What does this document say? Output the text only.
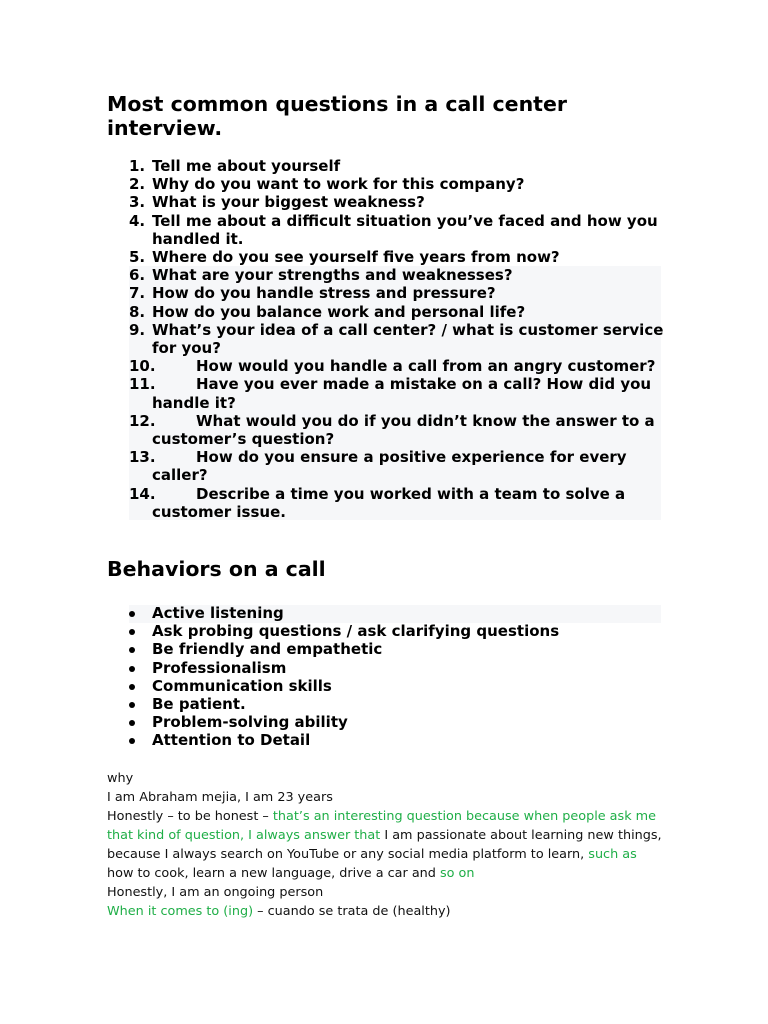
Most common questions in a call center interview.
1. Tell me about yourself
2. Why do you want to work for this company?
3. What is your biggest weakness?
4. Tell me about a difficult situation you’ve faced and how you handled it.
5. Where do you see yourself five years from now?
6. What are your strengths and weaknesses?
7. How do you handle stress and pressure?
8. How do you balance work and personal life?
9. What’s your idea of a call center? / what is customer service for you?
10.	How would you handle a call from an angry customer?
11.	Have you ever made a mistake on a call? How did you handle it?
12.	What would you do if you didn’t know the answer to a customer’s question?
13.	How do you ensure a positive experience for every caller?
14.	Describe a time you worked with a team to solve a customer issue.
Behaviors on a call
Active listening
Ask probing questions / ask clarifying questions
Be friendly and empathetic
Professionalism
Communication skills
Be patient.
Problem-solving ability
Attention to Detail

why

I am Abraham mejia, I am 23 years

Honestly – to be honest – that’s an interesting question because when people ask me that kind of question, I always answer that I am passionate about learning new things, because I always search on YouTube or any social media platform to learn, such as how to cook, learn a new language, drive a car and so on

Honestly, I am an ongoing person

When it comes to (ing) – cuando se trata de (healthy)
